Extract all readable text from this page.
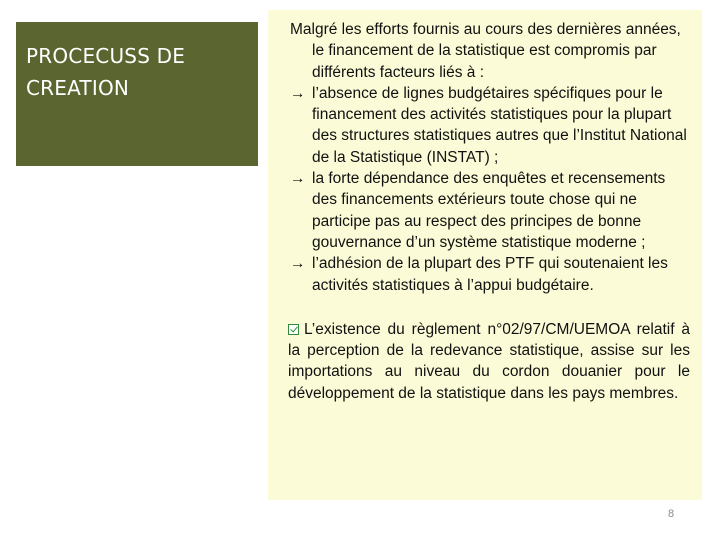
PROCECUSS DE
CREATION

Malgré les efforts fournis au cours des dernières années, le financement de la statistique est compromis par différents facteurs liés à :

→ l’absence de lignes budgétaires spécifiques pour le financement des activités statistiques pour la plupart des structures statistiques autres que l’Institut National de la Statistique (INSTAT) ;

→ la forte dépendance des enquêtes et recensements des financements extérieurs toute chose qui ne participe pas au respect des principes de bonne gouvernance d’un système statistique moderne ;

→ l’adhésion de la plupart des PTF qui soutenaient les activités statistiques à l’appui budgétaire.

L’existence du règlement n°02/97/CM/UEMOA relatif à la perception de la redevance statistique, assise sur les importations au niveau du cordon douanier pour le développement de la statistique dans les pays membres.

8
